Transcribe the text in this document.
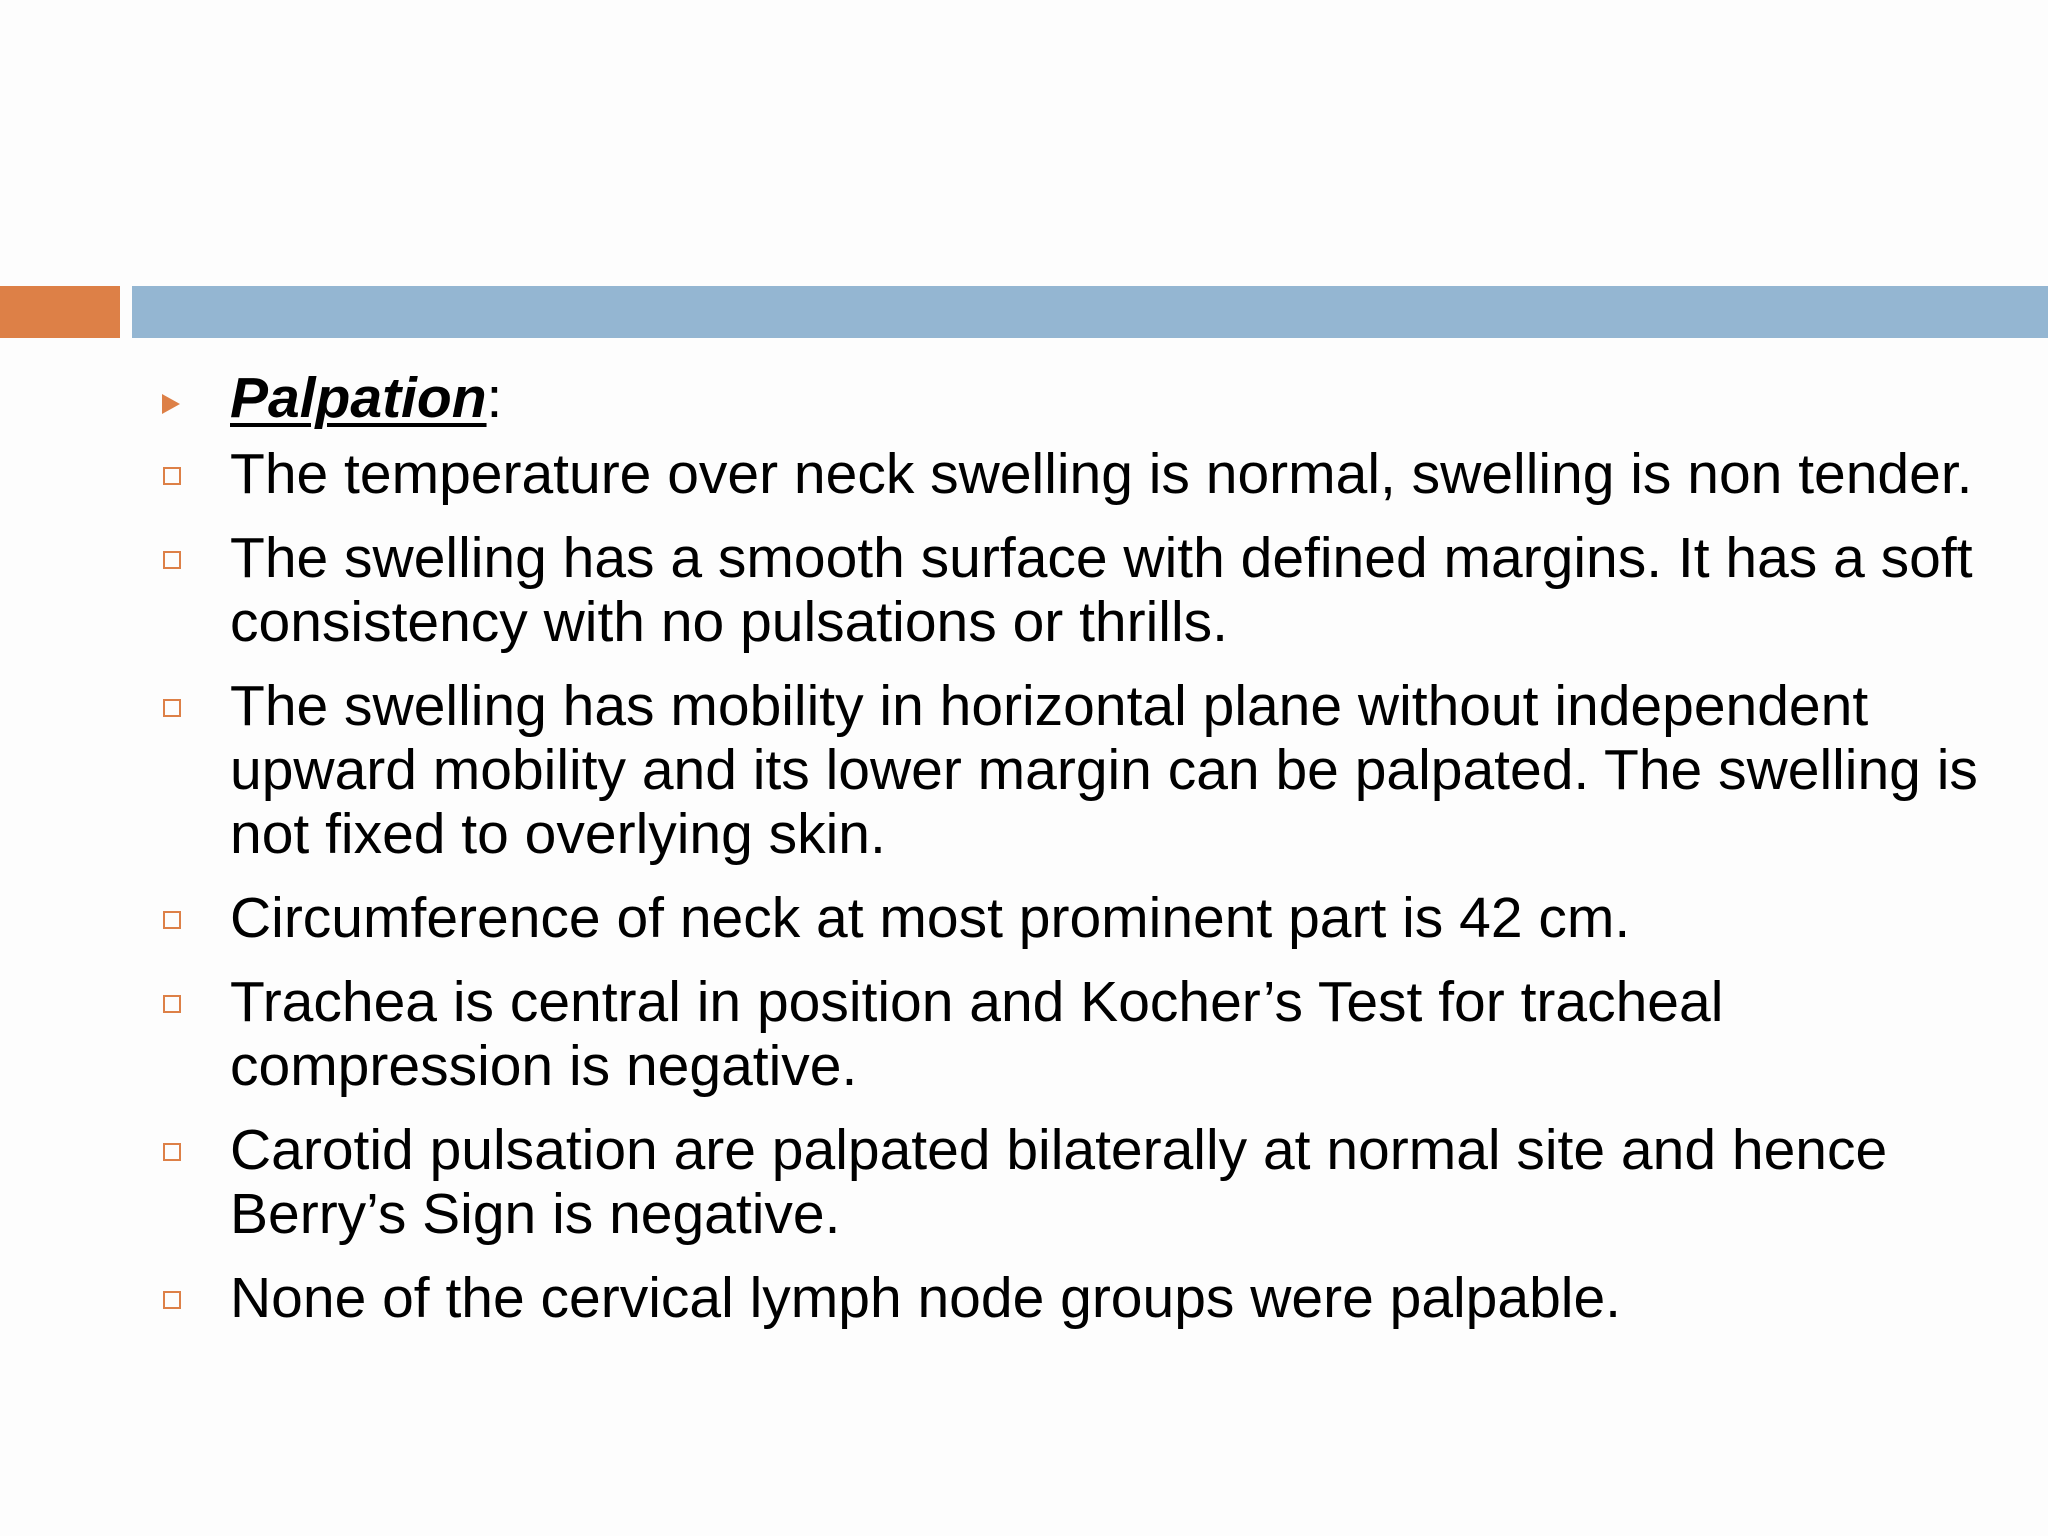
Palpation:
The temperature over neck swelling is normal, swelling is non tender.
The swelling has a smooth surface with defined margins. It has a soft consistency with no pulsations or thrills.
The swelling has mobility in horizontal plane without independent upward mobility and its lower margin can be palpated. The swelling is not fixed to overlying skin.
Circumference of neck at most prominent part is 42 cm.
Trachea is central in position and Kocher’s Test for tracheal compression is negative.
Carotid pulsation are palpated bilaterally at normal site and hence Berry’s Sign is negative.
None of the cervical lymph node groups were palpable.
